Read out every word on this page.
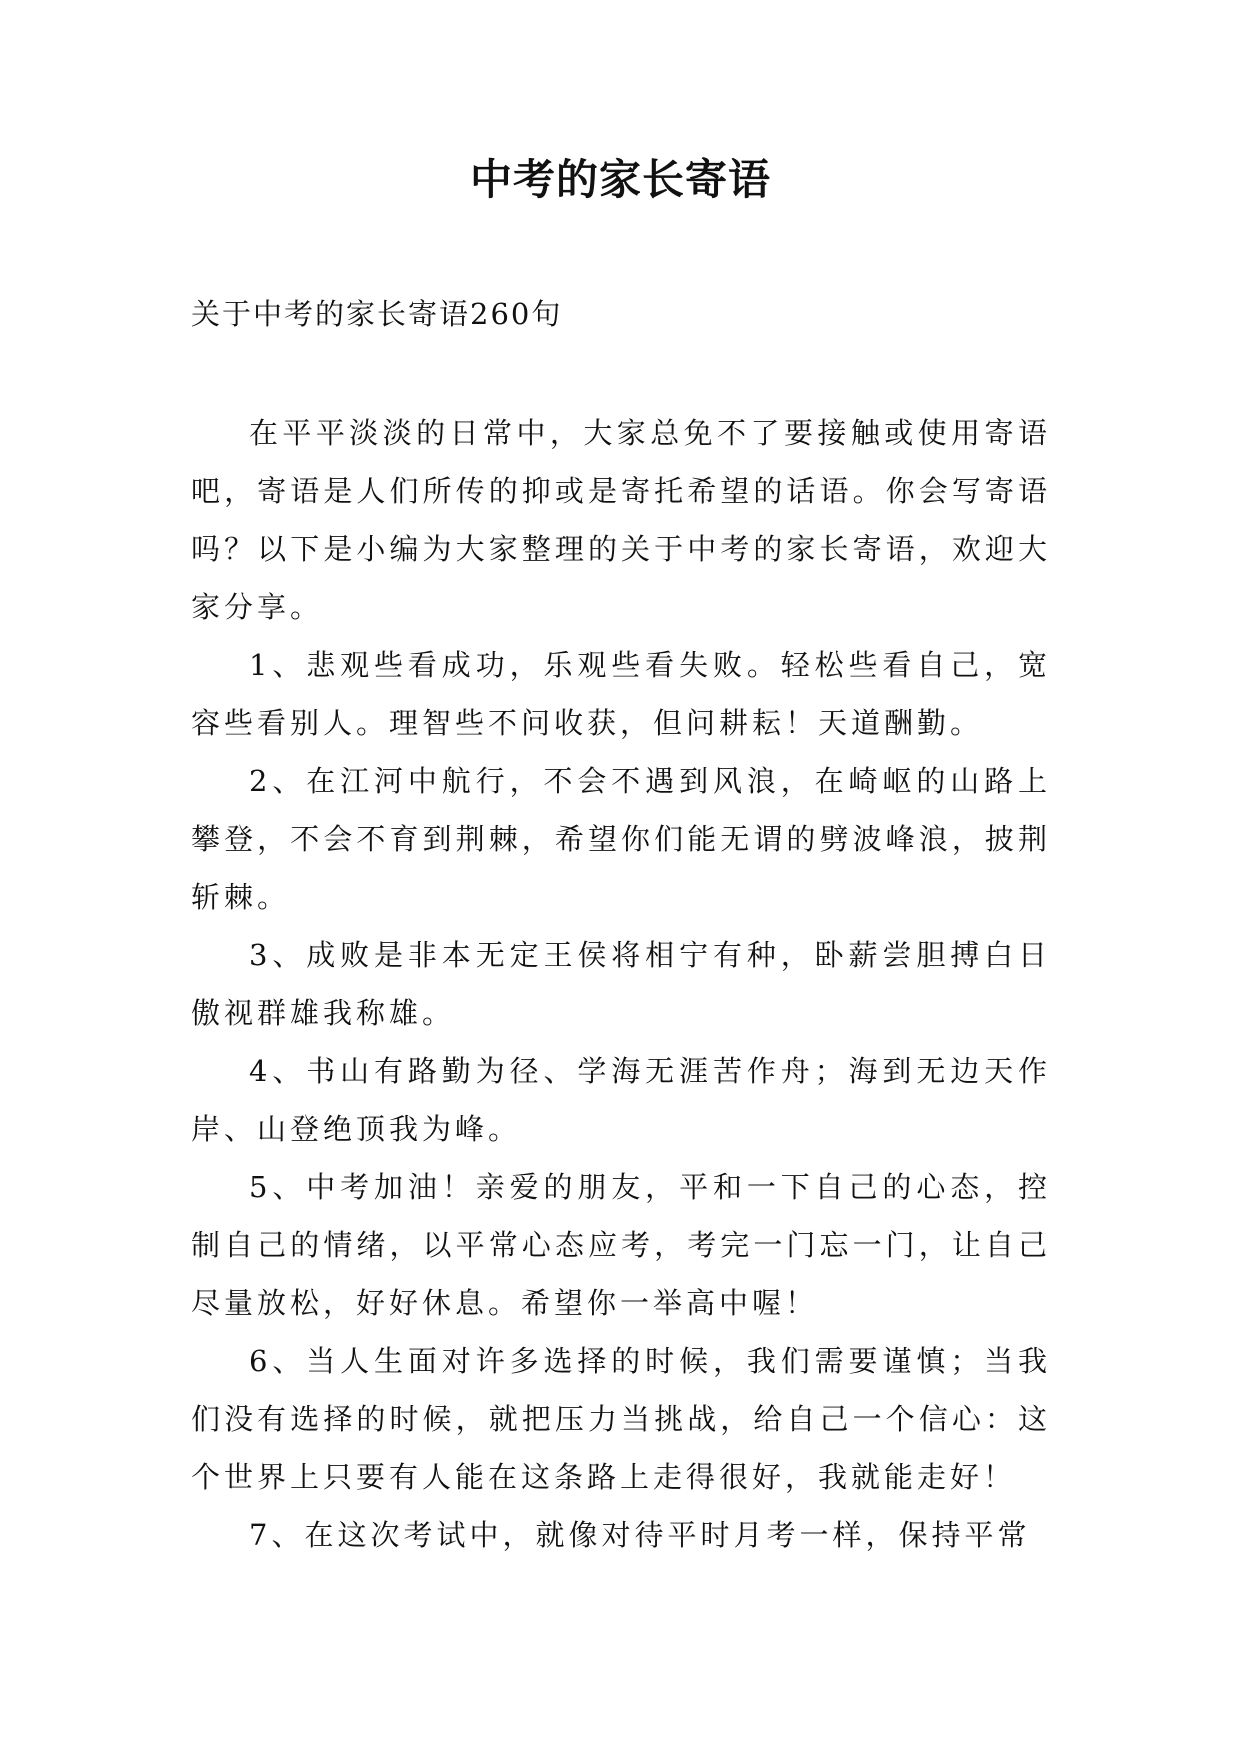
中考的家长寄语

关于中考的家长寄语260句

在平平淡淡的日常中，大家总免不了要接触或使用寄语吧，寄语是人们所传的抑或是寄托希望的话语。你会写寄语吗？以下是小编为大家整理的关于中考的家长寄语，欢迎大家分享。

1、悲观些看成功，乐观些看失败。轻松些看自己，宽容些看别人。理智些不问收获，但问耕耘！天道酬勤。

2、在江河中航行，不会不遇到风浪，在崎岖的山路上攀登，不会不育到荆棘，希望你们能无谓的劈波峰浪，披荆斩棘。

3、成败是非本无定王侯将相宁有种，卧薪尝胆搏白日傲视群雄我称雄。

4、书山有路勤为径、学海无涯苦作舟；海到无边天作岸、山登绝顶我为峰。

5、中考加油！亲爱的朋友，平和一下自己的心态，控制自己的情绪，以平常心态应考，考完一门忘一门，让自己尽量放松，好好休息。希望你一举高中喔！

6、当人生面对许多选择的时候，我们需要谨慎；当我们没有选择的时候，就把压力当挑战，给自己一个信心：这个世界上只要有人能在这条路上走得很好，我就能走好！

7、在这次考试中，就像对待平时月考一样，保持平常
